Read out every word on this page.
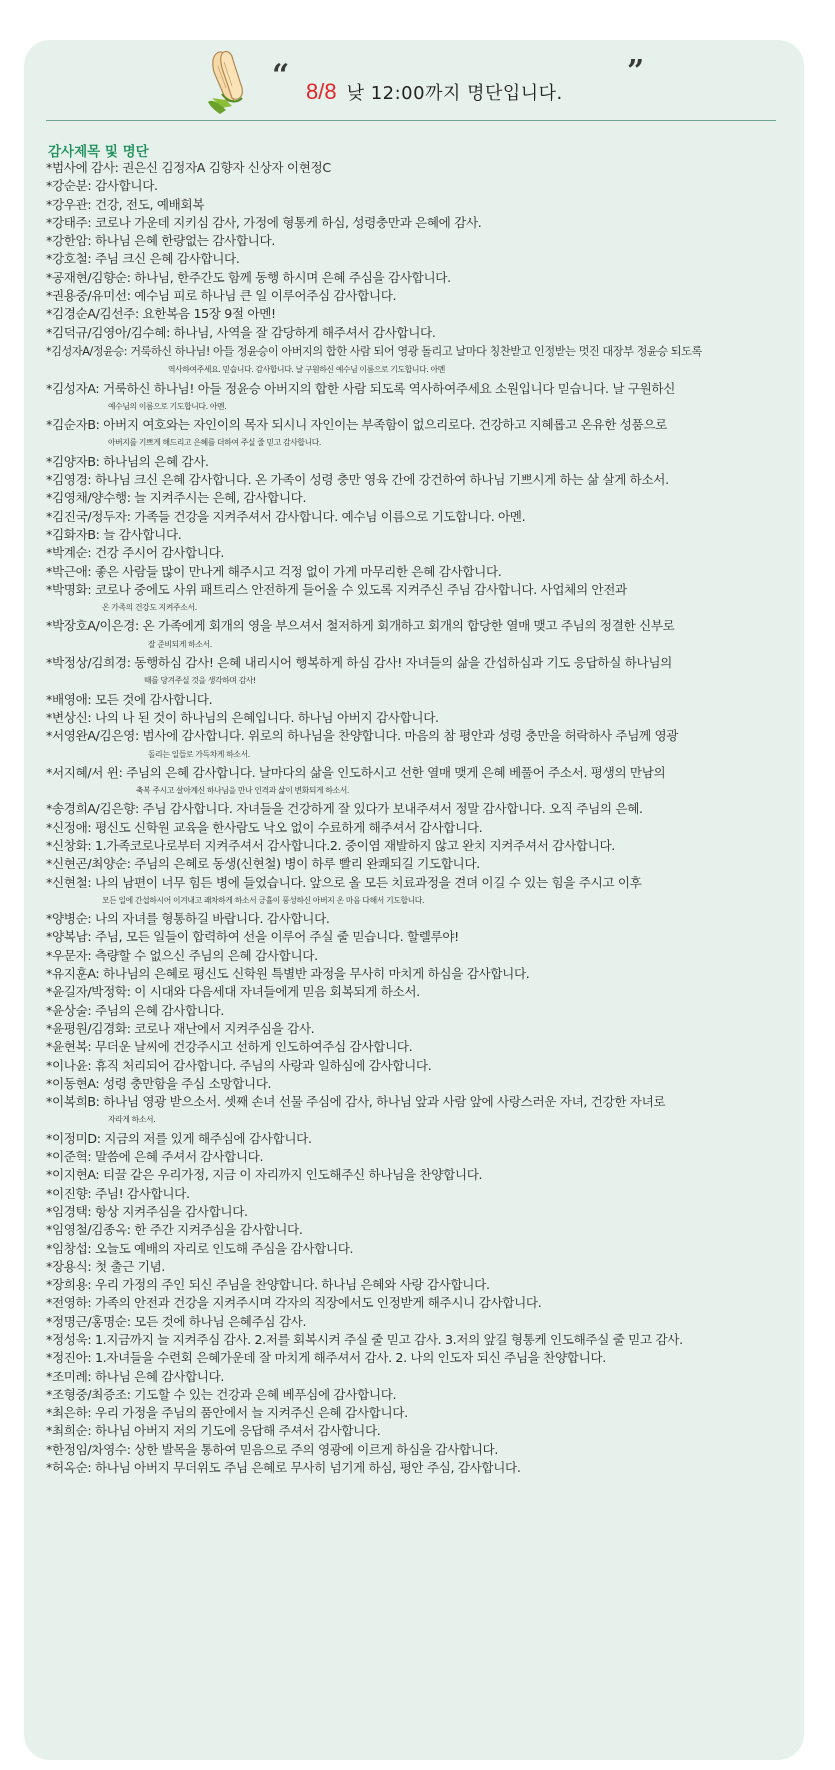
“ 8/8 낮 12:00까지 명단입니다.
”
감사제목 및 명단
*범사에 감사: 권은신 김정자A 김향자 신상자 이현정C
*강순분: 감사합니다.
*강우관: 건강, 전도, 예배회복
*강태주: 코로나 가운데 지키심 감사, 가정에 형통케 하심, 성령충만과 은혜에 감사.
*강한암: 하나님 은혜 한량없는 감사합니다.
*강호철: 주님 크신 은혜 감사합니다.
*공재현/김향순: 하나님, 한주간도 함께 동행 하시며 은혜 주심을 감사합니다.
*권용중/유미선: 예수님 피로 하나님 큰 일 이루어주심 감사합니다.
*김경순A/김선주: 요한복음 15장 9절 아멘!
*김덕규/김영아/김수혜: 하나님, 사역을 잘 감당하게 해주셔서 감사합니다.
*김성자A/정윤승: 거룩하신 하나님! 아들 정윤승이 아버지의 합한 사람 되어 영광 돌리고 날마다 칭찬받고 인정받는 멋진 대장부 정윤승 되도록
역사하여주세요. 믿습니다. 감사합니다. 날 구원하신 예수님 이름으로 기도합니다. 아멘
*김성자A: 거룩하신 하나님! 아들 정윤승 아버지의 합한 사람 되도록 역사하여주세요 소원입니다 믿습니다. 날 구원하신
예수님의 이름으로 기도합니다. 아멘.
*김순자B: 아버지 여호와는 자인이의 목자 되시니 자인이는 부족함이 없으리로다. 건강하고 지혜롭고 온유한 성품으로
아버지를 기쁘게 해드리고 은혜를 더하여 주실 줄 믿고 감사합니다.
*김양자B: 하나님의 은혜 감사.
*김영경: 하나님 크신 은혜 감사합니다. 온 가족이 성령 충만 영육 간에 강건하여 하나님 기쁘시게 하는 삶 살게 하소서.
*김영채/양수행: 늘 지켜주시는 은혜, 감사합니다.
*김진국/정두자: 가족들 건강을 지켜주셔서 감사합니다. 예수님 이름으로 기도합니다. 아멘.
*김화자B: 늘 감사합니다.
*박계순: 건강 주시어 감사합니다.
*박근애: 좋은 사람들 많이 만나게 해주시고 걱정 없이 가게 마무리한 은혜 감사합니다.
*박명화: 코로나 중에도 사위 패트리스 안전하게 들어올 수 있도록 지켜주신 주님 감사합니다. 사업체의 안전과
온 가족의 건강도 지켜주소서.
*박장호A/이은경: 온 가족에게 회개의 영을 부으셔서 철저하게 회개하고 회개의 합당한 열매 맺고 주님의 정결한 신부로
잘 준비되게 하소서.
*박정상/김희경: 동행하심 감사! 은혜 내리시어 행복하게 하심 감사! 자녀들의 삶을 간섭하심과 기도 응답하실 하나님의
때를 당겨주실 것을 생각하며 감사!
*배영애: 모든 것에 감사합니다.
*변상신: 나의 나 된 것이 하나님의 은혜입니다. 하나님 아버지 감사합니다.
*서영완A/김은영: 범사에 감사합니다. 위로의 하나님을 찬양합니다. 마음의 참 평안과 성령 충만을 허락하사 주님께 영광
돌리는 일들로 가득차게 하소서.
*서지혜/서 윈: 주님의 은혜 감사합니다. 날마다의 삶을 인도하시고 선한 열매 맺게 은혜 베풀어 주소서. 평생의 만남의
축복 주시고 살아계신 하나님을 만나 인격과 삶이 변화되게 하소서.
*송경희A/김은향: 주님 감사합니다. 자녀들을 건강하게 잘 있다가 보내주셔서 정말 감사합니다. 오직 주님의 은혜.
*신정애: 평신도 신학원 교육을 한사람도 낙오 없이 수료하게 해주셔서 감사합니다.
*신창화: 1.가족코로나로부터 지켜주셔서 감사합니다.2. 중이염 재발하지 않고 완치 지켜주셔서 감사합니다.
*신현곤/최양순: 주님의 은혜로 동생(신현철) 병이 하루 빨리 완쾌되길 기도합니다.
*신현철: 나의 남편이 너무 힘든 병에 들었습니다. 앞으로 올 모든 치료과정을 견뎌 이길 수 있는 힘을 주시고 이후
모든 일에 간섭하시어 이겨내고 쾌차하게 하소서 긍휼이 풍성하신 아버지 온 마음 다해서 기도합니다.
*양병순: 나의 자녀를 형통하길 바랍니다. 감사합니다.
*양복남: 주님, 모든 일들이 합력하여 선을 이루어 주실 줄 믿습니다. 할렐루야!
*우문자: 측량할 수 없으신 주님의 은혜 감사합니다.
*유지훈A: 하나님의 은혜로 평신도 신학원 특별반 과정을 무사히 마치게 하심을 감사합니다.
*윤길자/박정학: 이 시대와 다음세대 자녀들에게 믿음 회복되게 하소서.
*윤상술: 주님의 은혜 감사합니다.
*윤평원/김경화: 코로나 재난에서 지켜주심을 감사.
*윤현복: 무더운 날씨에 건강주시고 선하게 인도하여주심 감사합니다.
*이나윤: 휴직 처리되어 감사합니다. 주님의 사랑과 일하심에 감사합니다.
*이동현A: 성령 충만함을 주심 소망합니다.
*이복희B: 하나님 영광 받으소서. 셋째 손녀 선물 주심에 감사, 하나님 앞과 사람 앞에 사랑스러운 자녀, 건강한 자녀로
자라게 하소서.
*이정미D: 지금의 저를 있게 해주심에 감사합니다.
*이준혁: 말씀에 은혜 주셔서 감사합니다.
*이지현A: 티끌 같은 우리가정, 지금 이 자리까지 인도해주신 하나님을 찬양합니다.
*이진향: 주님! 감사합니다.
*임경택: 항상 지켜주심을 감사합니다.
*임영철/김종옥: 한 주간 지켜주심을 감사합니다.
*임창섭: 오늘도 예배의 자리로 인도해 주심을 감사합니다.
*장용식: 첫 출근 기념.
*장희용: 우리 가정의 주인 되신 주님을 찬양합니다. 하나님 은혜와 사랑 감사합니다.
*전영하: 가족의 안전과 건강을 지켜주시며 각자의 직장에서도 인정받게 해주시니 감사합니다.
*정명근/홍명순: 모든 것에 하나님 은혜주심 감사.
*정성욱: 1.지금까지 늘 지켜주심 감사. 2.저를 회복시켜 주실 줄 믿고 감사. 3.저의 앞길 형통케 인도해주실 줄 믿고 감사.
*정진아: 1.자녀들을 수련회 은혜가운데 잘 마치게 해주셔서 감사. 2. 나의 인도자 되신 주님을 찬양합니다.
*조미례: 하나님 은혜 감사합니다.
*조형중/최증조: 기도할 수 있는 건강과 은혜 베푸심에 감사합니다.
*최은하: 우리 가정을 주님의 품안에서 늘 지켜주신 은혜 감사합니다.
*최희순: 하나님 아버지 저의 기도에 응답해 주셔서 감사합니다.
*한정임/차영수: 상한 발목을 통하여 믿음으로 주의 영광에 이르게 하심을 감사합니다.
*허옥순: 하나님 아버지 무더위도 주님 은혜로 무사히 넘기게 하심, 평안 주심, 감사합니다.
